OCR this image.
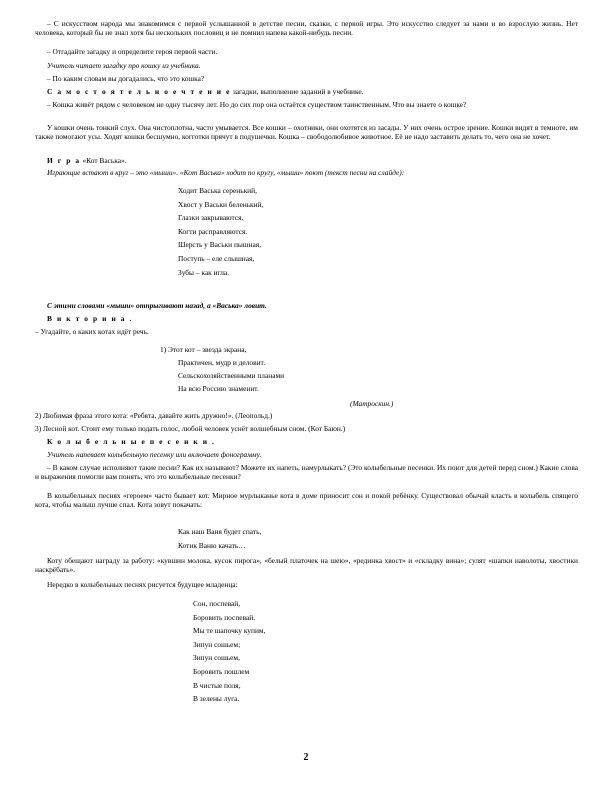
– С искусством народа мы знакомимся с первой услышанной в детстве песни, сказки, с первой игры. Это искусство следует за нами и во взрослую жизнь. Нет человека, который бы не знал хотя бы нескольких пословиц и не помнил напева какой-нибудь песни.

– Отгадайте загадку и определите героя первой части.

Учитель читает загадку про кошку из учебника.

– По каким словам вы догадались, что это кошка?

С а м о с т о я т е л ь н о е ч т е н и е загадки, выполнение заданий в учебнике.

– Кошка живёт рядом с человеком не одну тысячу лет. Но до сих пор она остаётся существом таинственным. Что вы знаете о кошке?

У кошки очень тонкий слух. Она чистоплотна, часто умывается. Все кошки – охотники, они охотятся из засады. У них очень острое зрение. Кошки видят в темноте, им также помогают усы. Ходят кошки бесшумно, когготки прячут в подушечки. Кошка – свободолюбивое животное. Её не надо заставить делать то, чего она не хочет.

И г р а «Кот Васька».

Играющие встают в круг – это «мыши». «Кот Васька» ходит по кругу, «мыши» поют (текст песни на слайде):

Ходит Васька серенький,
Хвост у Васьки беленький,
Глазки закрываются,
Когти расправляются.
Шерсть у Васьки пышная,
Поступь – еле слышная,
Зубы – как игла.

С этими словами «мыши» отпрыгивают назад, а «Васька» ловит.

В и к т о р и н а .

– Угадайте, о каких котах идёт речь.

1) Этот кот – звезда экрана,
Практичен, мудр и деловит.
Сельскохозяйственными планами
На всю Россию знаменит.
(Матроскин.)

2) Любимая фраза этого кота: «Ребята, давайте жить дружно!». (Леопольд.)

3) Лесной кот. Стоит ему только подать голос, любой человек уснёт волшебным сном. (Кот Баюн.)

К о л ы б е л ь н ы е п е с е н к и .

Учитель напевает колыбельную песенку или включает фонограмму.

– В каком случае исполняют такие песни? Как их называют? Можете их напеть, намурлыкать? (Это колыбельные песенки. Их поют для детей перед сном.) Какие слова и выражения помогли вам понять, что это колыбельные песенки?

В колыбельных песнях «героем» часто бывает кот. Мирное мурлыканье кота в доме приносит сон и покой ребёнку. Существовал обычай класть в колыбель спящего кота, чтобы малыш лучше спал. Кота зовут покачать:

Как наш Ваня будет спать,
Котик Ваню качать…

Коту обещают награду за работу: «кувшин молока, кусок пирога», «белый платочек на шею», «рединка хвост» и «складку вина»; сулят «шапки наволоты, хвостики наскрёбать».

Нередко в колыбельных песнях рисуется будущее младенца:

Сон, поспевай,
Боровить поспевай.
Мы те шапочку купим,
Зипун сошьем;
Зипун сошьем,
Боровить пошлем
В чистые поля,
В зелены луга.
2
